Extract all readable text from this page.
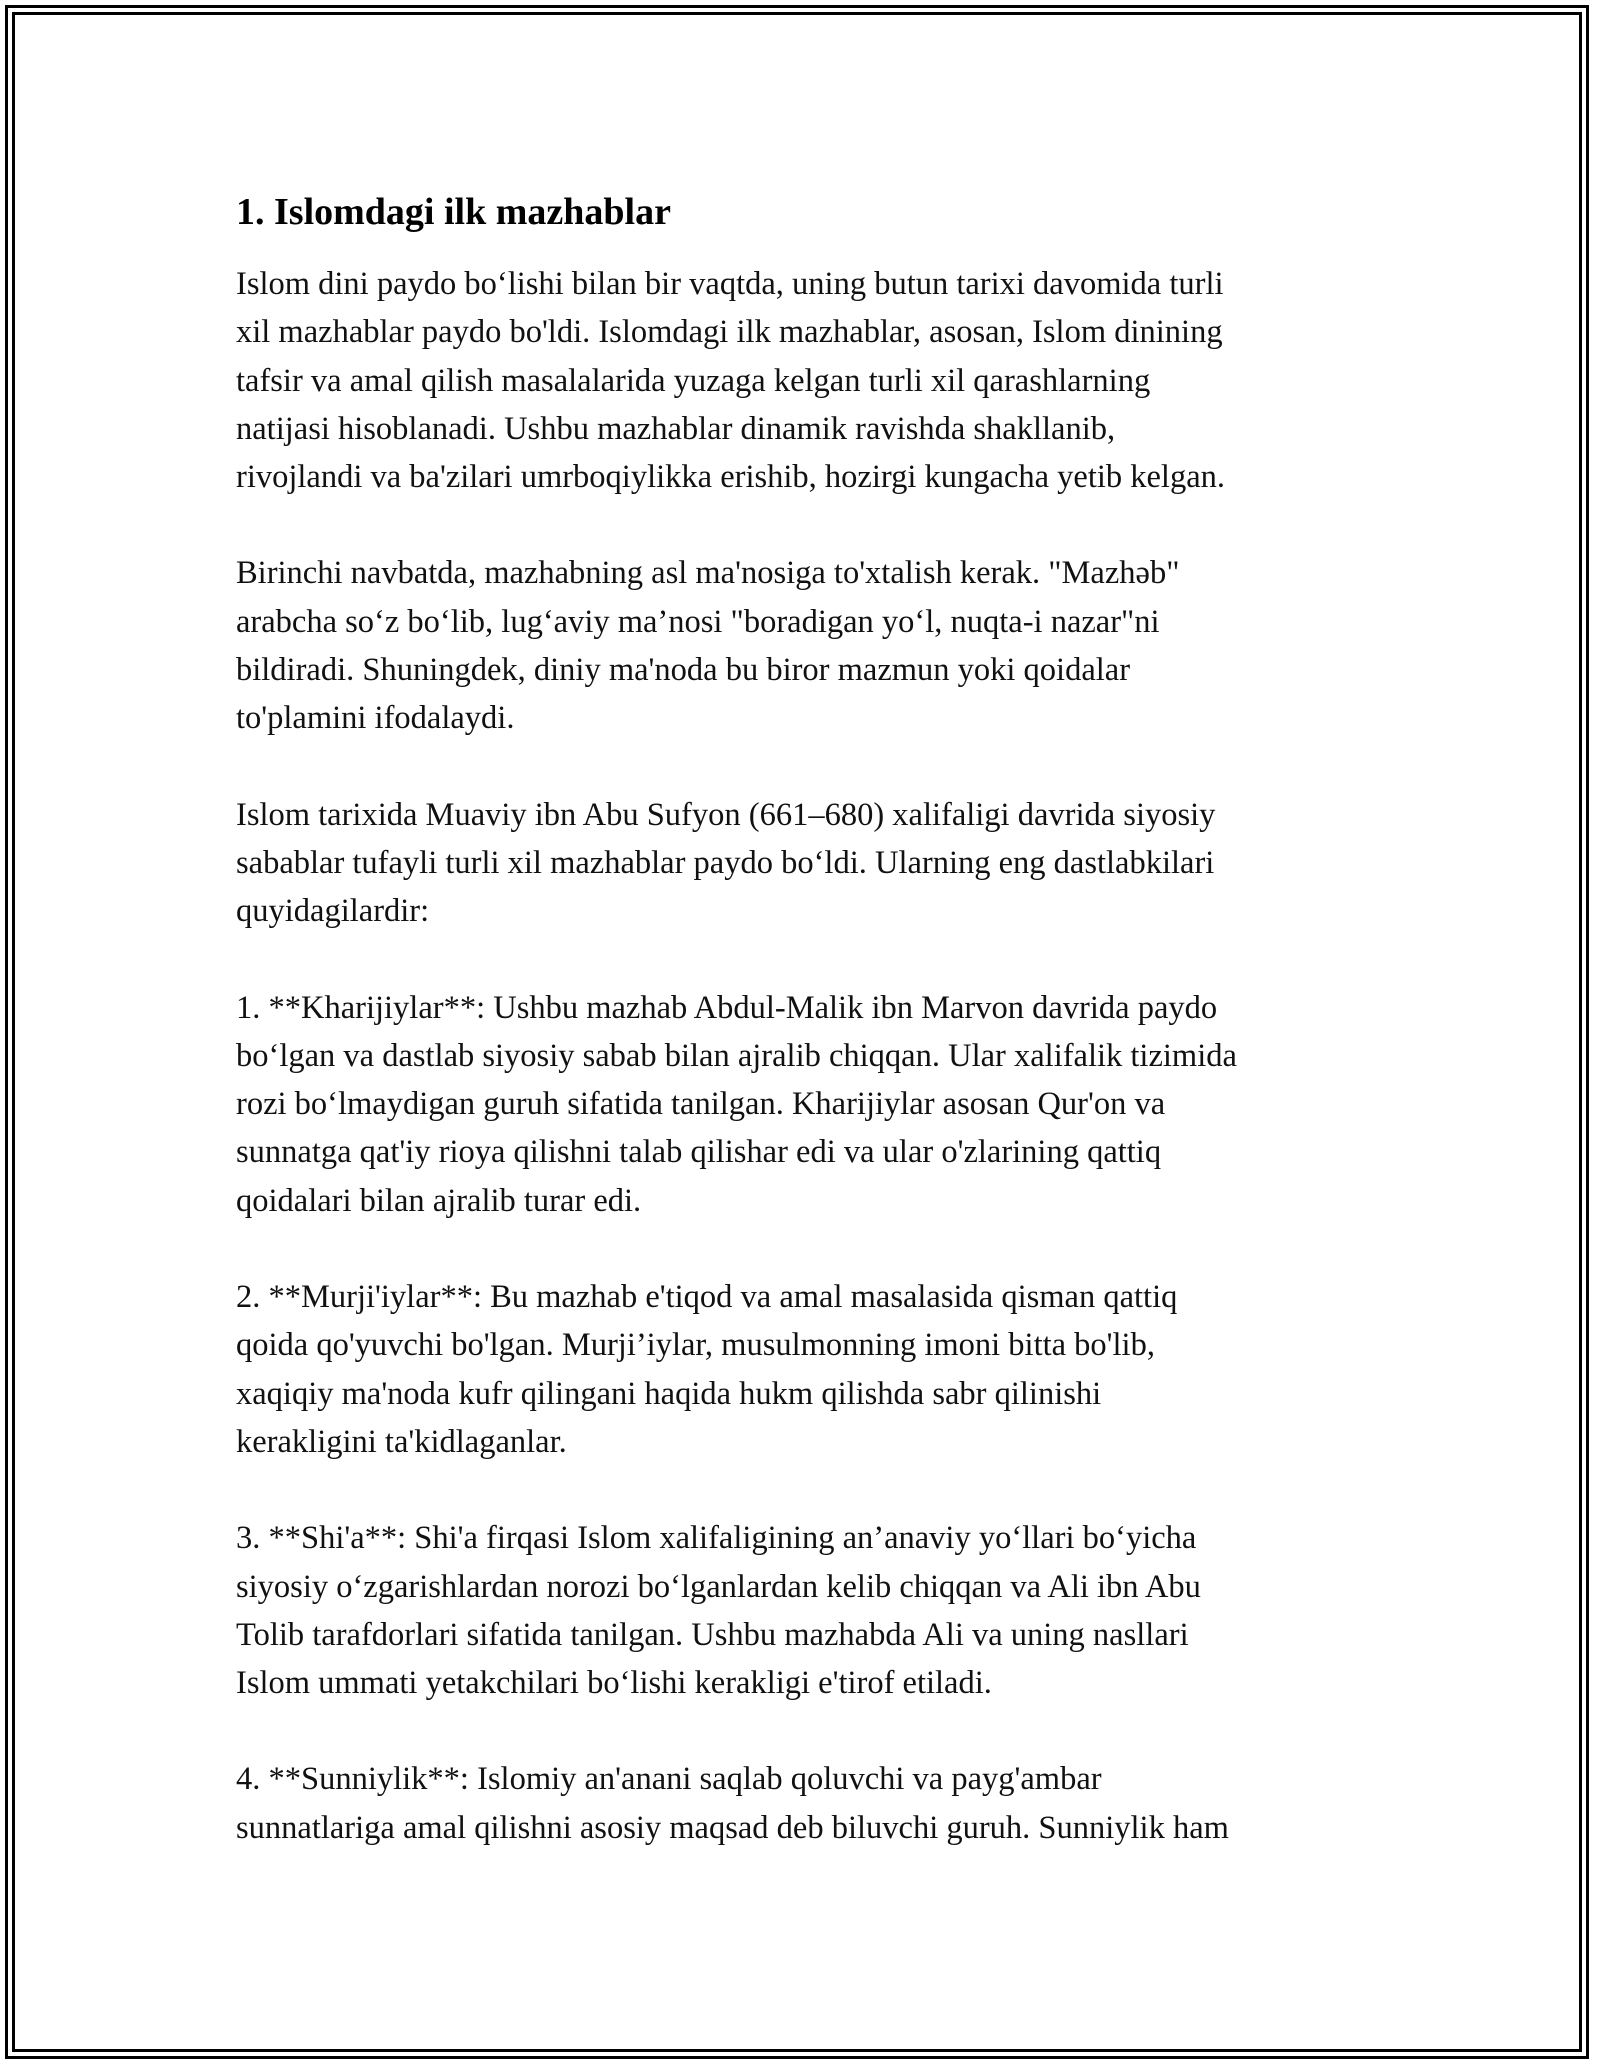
1. Islomdagi ilk mazhablar
Islom dini paydo bo‘lishi bilan bir vaqtda, uning butun tarixi davomida turli
xil mazhablar paydo bo'ldi. Islomdagi ilk mazhablar, asosan, Islom dinining
tafsir va amal qilish masalalarida yuzaga kelgan turli xil qarashlarning
natijasi hisoblanadi. Ushbu mazhablar dinamik ravishda shakllanib,
rivojlandi va ba'zilari umrboqiylikka erishib, hozirgi kungacha yetib kelgan.
Birinchi navbatda, mazhabning asl ma'nosiga to'xtalish kerak. "Mazhəb"
arabcha so‘z bo‘lib, lug‘aviy ma’nosi "boradigan yo‘l, nuqta-i nazar"ni
bildiradi. Shuningdek, diniy ma'noda bu biror mazmun yoki qoidalar
to'plamini ifodalaydi.
Islom tarixida Muaviy ibn Abu Sufyon (661–680) xalifaligi davrida siyosiy
sabablar tufayli turli xil mazhablar paydo bo‘ldi. Ularning eng dastlabkilari
quyidagilardir:
1. **Kharijiylar**: Ushbu mazhab Abdul-Malik ibn Marvon davrida paydo
bo‘lgan va dastlab siyosiy sabab bilan ajralib chiqqan. Ular xalifalik tizimida
rozi bo‘lmaydigan guruh sifatida tanilgan. Kharijiylar asosan Qur'on va
sunnatga qat'iy rioya qilishni talab qilishar edi va ular o'zlarining qattiq
qoidalari bilan ajralib turar edi.
2. **Murji'iylar**: Bu mazhab e'tiqod va amal masalasida qisman qattiq
qoida qo'yuvchi bo'lgan. Murji’iylar, musulmonning imoni bitta bo'lib,
xaqiqiy ma'noda kufr qilingani haqida hukm qilishda sabr qilinishi
kerakligini ta'kidlaganlar.
3. **Shi'a**: Shi'a firqasi Islom xalifaligining an’anaviy yo‘llari bo‘yicha
siyosiy o‘zgarishlardan norozi bo‘lganlardan kelib chiqqan va Ali ibn Abu
Tolib tarafdorlari sifatida tanilgan. Ushbu mazhabda Ali va uning nasllari
Islom ummati yetakchilari bo‘lishi kerakligi e'tirof etiladi.
4. **Sunniylik**: Islomiy an'anani saqlab qoluvchi va payg'ambar
sunnatlariga amal qilishni asosiy maqsad deb biluvchi guruh. Sunniylik ham
